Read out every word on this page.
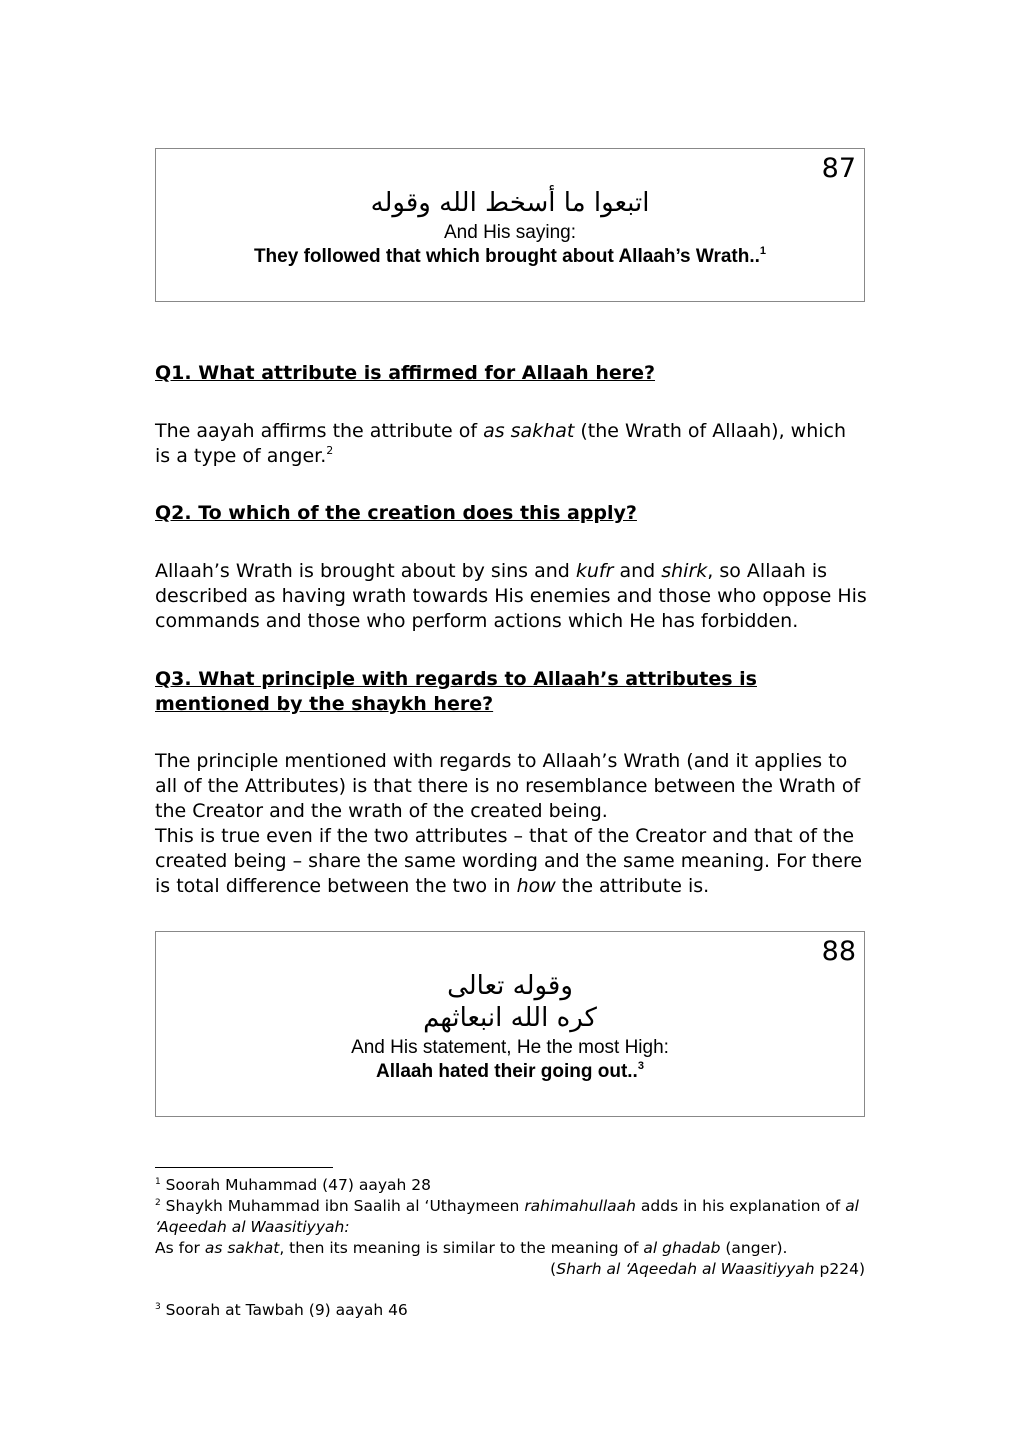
87
اتبعوا ما أسخط الله وقوله
And His saying:
They followed that which brought about Allaah’s Wrath..$^1$
Q1. What attribute is affirmed for Allaah here?
The aayah affirms the attribute of as sakhat (the Wrath of Allaah), which is a type of anger.$^2$
Q2. To which of the creation does this apply?
Allaah’s Wrath is brought about by sins and kufr and shirk, so Allaah is described as having wrath towards His enemies and those who oppose His commands and those who perform actions which He has forbidden.
Q3. What principle with regards to Allaah’s attributes is mentioned by the shaykh here?
The principle mentioned with regards to Allaah’s Wrath (and it applies to all of the Attributes) is that there is no resemblance between the Wrath of the Creator and the wrath of the created being.
This is true even if the two attributes – that of the Creator and that of the created being – share the same wording and the same meaning. For there is total difference between the two in how the attribute is.
88
وقوله تعالى
كره الله انبعاثهم
And His statement, He the most High:
Allaah hated their going out..$^3$
$^1$ Soorah Muhammad (47) aayah 28
$^2$ Shaykh Muhammad ibn Saalih al ‘Uthaymeen rahimahullaah adds in his explanation of al ‘Aqeedah al Waasitiyyah:
As for as sakhat, then its meaning is similar to the meaning of al ghadab (anger).
(Sharh al ‘Aqeedah al Waasitiyyah p224)
$^3$ Soorah at Tawbah (9) aayah 46
